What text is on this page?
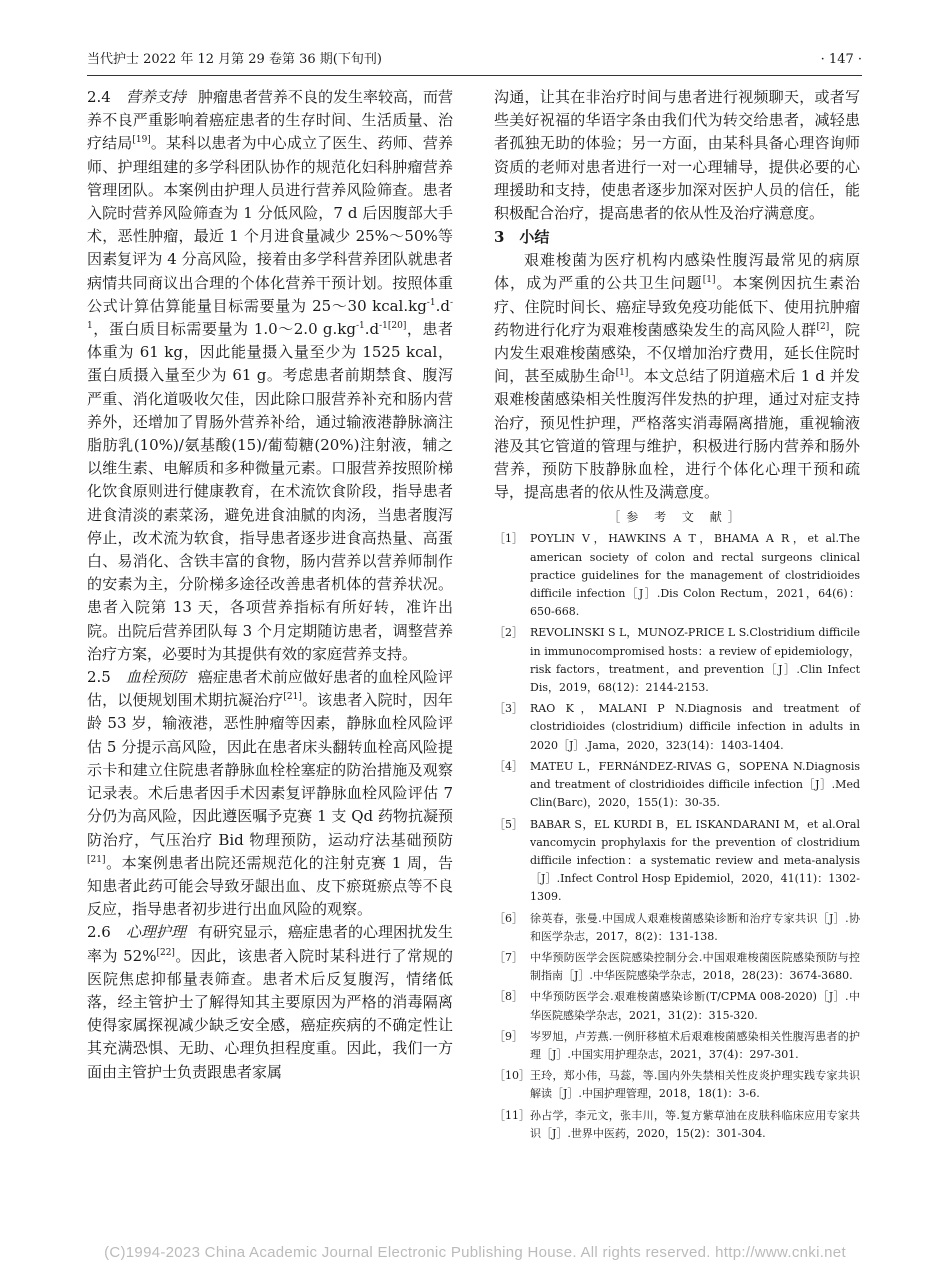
当代护士 2022 年 12 月第 29 卷第 36 期(下旬刊)	· 147 ·

2.4　 营养支持 肿瘤患者营养不良的发生率较高，而营养不良严重影响着癌症患者的生存时间、生活质量、治疗结局[19]。某科以患者为中心成立了医生、药师、营养师、护理组建的多学科团队协作的规范化妇科肿瘤营养管理团队。本案例由护理人员进行营养风险筛查。患者入院时营养风险筛查为 1 分低风险，7 d 后因腹部大手术，恶性肿瘤，最近 1 个月进食量减少 25%～50%等因素复评为 4 分高风险，接着由多学科营养团队就患者病情共同商议出合理的个体化营养干预计划。按照体重公式计算估算能量目标需要量为 25～30 $kcal.kg^{-1}.d^{-1}$，蛋白质目标需要量为 1.0～2.0 $g.kg^{-1}.d^{-1[20]}$，患者体重为 61 kg，因此能量摄入量至少为 1525 kcal，蛋白质摄入量至少为 61 g。考虑患者前期禁食、腹泻严重、消化道吸收欠佳，因此除口服营养补充和肠内营养外，还增加了胃肠外营养补给，通过输液港静脉滴注脂肪乳(10%)/氨基酸(15)/葡萄糖(20%)注射液，辅之以维生素、电解质和多种微量元素。口服营养按照阶梯化饮食原则进行健康教育，在术流饮食阶段，指导患者进食清淡的素菜汤，避免进食油腻的肉汤，当患者腹泻停止，改术流为软食，指导患者逐步进食高热量、高蛋白、易消化、含铁丰富的食物，肠内营养以营养师制作的安素为主，分阶梯多途径改善患者机体的营养状况。患者入院第 13 天，各项营养指标有所好转，准许出院。出院后营养团队每 3 个月定期随访患者，调整营养治疗方案，必要时为其提供有效的家庭营养支持。

2.5　 血栓预防 癌症患者术前应做好患者的血栓风险评估，以便规划围术期抗凝治疗[21]。该患者入院时，因年龄 53 岁，输液港，恶性肿瘤等因素，静脉血栓风险评估 5 分提示高风险，因此在患者床头翻转血栓高风险提示卡和建立住院患者静脉血栓栓塞症的防治措施及观察记录表。术后患者因手术因素复评静脉血栓风险评估 7 分仍为高风险，因此遵医嘱予克赛 1 支 Qd 药物抗凝预防治疗，气压治疗 Bid 物理预防，运动疗法基础预防[21]。本案例患者出院还需规范化的注射克赛 1 周，告知患者此药可能会导致牙龈出血、皮下瘀斑瘀点等不良反应，指导患者初步进行出血风险的观察。

2.6　 心理护理 有研究显示，癌症患者的心理困扰发生率为 52%[22]。因此，该患者入院时某科进行了常规的医院焦虑抑郁量表筛查。患者术后反复腹泻，情绪低落，经主管护士了解得知其主要原因为严格的消毒隔离使得家属探视减少缺乏安全感，癌症疾病的不确定性让其充满恐惧、无助、心理负担程度重。因此，我们一方面由主管护士负责跟患者家属

沟通，让其在非治疗时间与患者进行视频聊天，或者写些美好祝福的华语字条由我们代为转交给患者，减轻患者孤独无助的体验；另一方面，由某科具备心理咨询师资质的老师对患者进行一对一心理辅导，提供必要的心理援助和支持，使患者逐步加深对医护人员的信任，能积极配合治疗，提高患者的依从性及治疗满意度。

3　小结

艰难梭菌为医疗机构内感染性腹泻最常见的病原体，成为严重的公共卫生问题[1]。本案例因抗生素治疗、住院时间长、癌症导致免疫功能低下、使用抗肿瘤药物进行化疗为艰难梭菌感染发生的高风险人群[2]，院内发生艰难梭菌感染，不仅增加治疗费用，延长住院时间，甚至威胁生命[1]。本文总结了阴道癌术后 1 d 并发艰难梭菌感染相关性腹泻伴发热的护理，通过对症支持治疗，预见性护理，严格落实消毒隔离措施，重视输液港及其它管道的管理与维护，积极进行肠内营养和肠外营养，预防下肢静脉血栓，进行个体化心理干预和疏导，提高患者的依从性及满意度。

［参 考 文 献］
［1］ POYLIN V，HAWKINS A T，BHAMA A R，et al.The american society of colon and rectal surgeons clinical practice guidelines for the management of clostridioides difficile infection［J］.Dis Colon Rectum，2021，64(6)：650-668.
［2］ REVOLINSKI S L，MUNOZ-PRICE L S.Clostridium difficile in immunocompromised hosts：a review of epidemiology，risk factors，treatment，and prevention［J］.Clin Infect Dis，2019，68(12)：2144-2153.
［3］ RAO K，MALANI P N.Diagnosis and treatment of clostridioides (clostridium) difficile infection in adults in 2020［J］.Jama，2020，323(14)：1403-1404.
［4］ MATEU L，FERNáNDEZ-RIVAS G，SOPENA N.Diagnosis and treatment of clostridioides difficile infection［J］.Med Clin(Barc)，2020，155(1)：30-35.
［5］ BABAR S，EL KURDI B，EL ISKANDARANI M，et al.Oral vancomycin prophylaxis for the prevention of clostridium difficile infection：a systematic review and meta-analysis［J］.Infect Control Hosp Epidemiol，2020，41(11)：1302-1309.
［6］ 徐英春，张曼.中国成人艰难梭菌感染诊断和治疗专家共识［J］.协和医学杂志，2017，8(2)：131-138.
［7］ 中华预防医学会医院感染控制分会.中国艰难梭菌医院感染预防与控制指南［J］.中华医院感染学杂志，2018，28(23)：3674-3680.
［8］ 中华预防医学会.艰难梭菌感染诊断(T/CPMA 008-2020)［J］.中华医院感染学杂志，2021，31(2)：315-320.
［9］ 岑罗旭，卢芳燕.一例肝移植术后艰难梭菌感染相关性腹泻患者的护理［J］.中国实用护理杂志，2021，37(4)：297-301.
［10］ 王玲，郑小伟，马蕊，等.国内外失禁相关性皮炎护理实践专家共识解读［J］.中国护理管理，2018，18(1)：3-6.
［11］ 孙占学，李元文，张丰川，等.复方紫草油在皮肤科临床应用专家共识［J］.世界中医药，2020，15(2)：301-304.
(C)1994-2023 China Academic Journal Electronic Publishing House. All rights reserved. http://www.cnki.net
